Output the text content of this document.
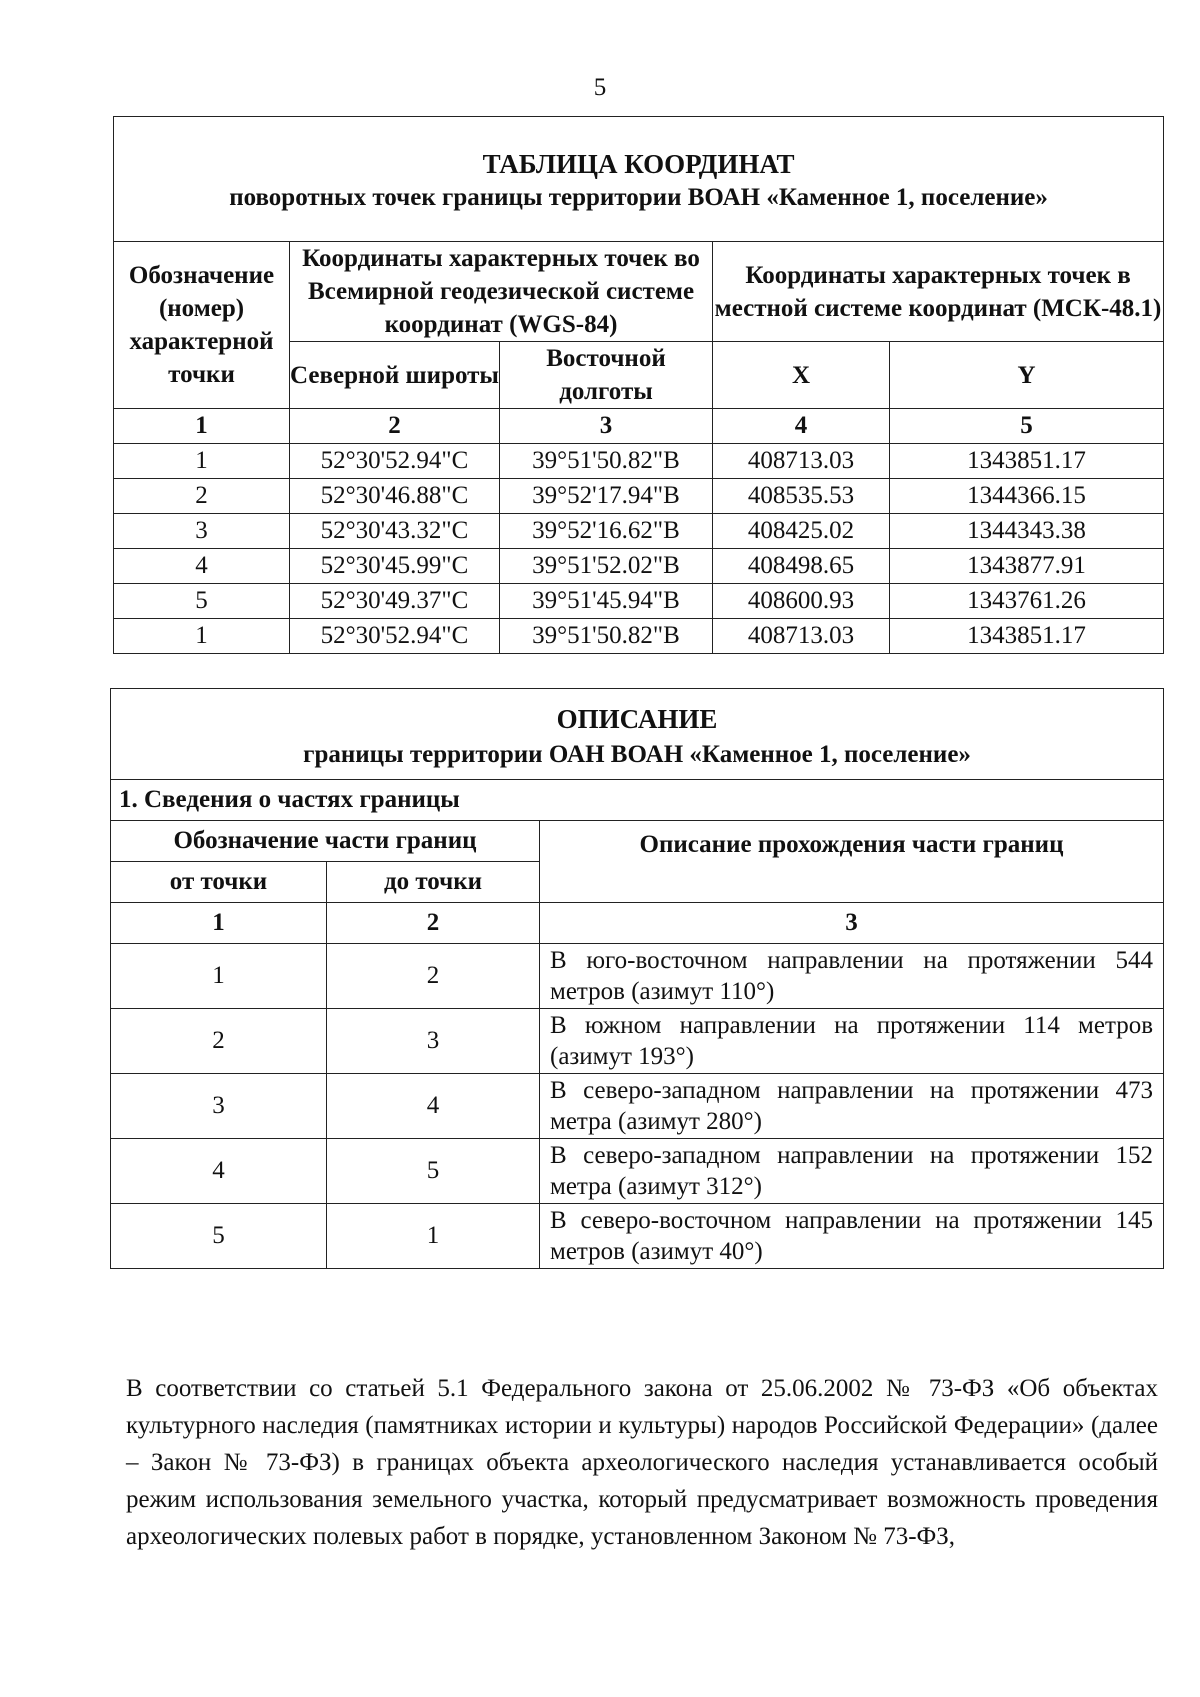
5
ТАБЛИЦА КООРДИНАТ
поворотных точек границы территории ВОАН «Каменное 1, поселение»				

Обозначение (номер) характерной точки	Координаты характерных точек во Всемирной геодезической системе координат (WGS-84)		Координаты характерных точек в местной системе координат (МСК-48.1)	
	Северной широты	Восточной долготы	X	Y
1	2	3	4	5
1	52°30'52.94"С	39°51'50.82"В	408713.03	1343851.17
2	52°30'46.88"С	39°52'17.94"В	408535.53	1344366.15
3	52°30'43.32"С	39°52'16.62"В	408425.02	1344343.38
4	52°30'45.99"С	39°51'52.02"В	408498.65	1343877.91
5	52°30'49.37"С	39°51'45.94"В	408600.93	1343761.26
1	52°30'52.94"С	39°51'50.82"В	408713.03	1343851.17
ОПИСАНИЕ
границы территории ОАН ВОАН «Каменное 1, поселение»		

1. Сведения о частях границы		
Обозначение части границ		Описание прохождения части границ
от точки	до точки	
1	2	3
1	2	В юго-восточном направлении на протяжении 544 метров (азимут 110°)
2	3	В южном направлении на протяжении 114 метров (азимут 193°)
3	4	В северо-западном направлении на протяжении 473 метра (азимут 280°)
4	5	В северо-западном направлении на протяжении 152 метра (азимут 312°)
5	1	В северо-восточном направлении на протяжении 145 метров (азимут 40°)

В соответствии со статьей 5.1 Федерального закона от 25.06.2002 № 73-ФЗ «Об объектах культурного наследия (памятниках истории и культуры) народов Российской Федерации» (далее – Закон № 73-ФЗ) в границах объекта археологического наследия устанавливается особый режим использования земельного участка, который предусматривает возможность проведения археологических полевых работ в порядке, установленном Законом № 73-ФЗ,
